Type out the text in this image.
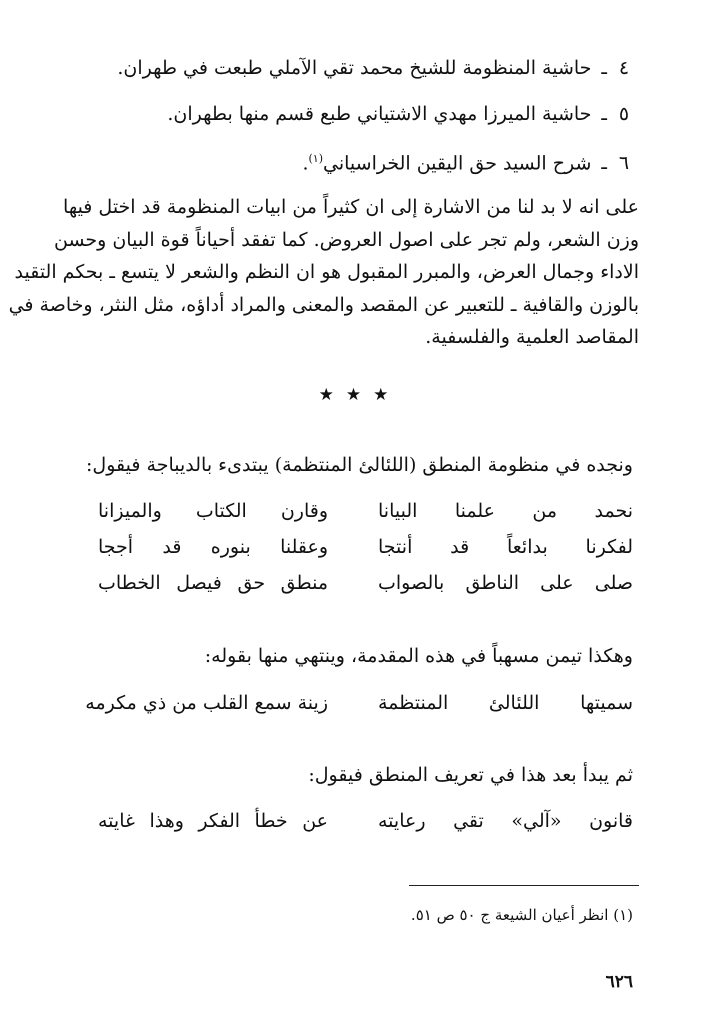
٤ـحاشية المنظومة للشيخ محمد تقي الآملي طبعت في طهران.
٥ـحاشية الميرزا مهدي الاشتياني طبع قسم منها بطهران.
٦ـشرح السيد حق اليقين الخراسياني$^{(١)}$.
على انه لا بد لنا من الاشارة إلى ان كثيراً من ابيات المنظومة قد اختل فيها
وزن الشعر، ولم تجر على اصول العروض. كما تفقد أحياناً قوة البيان وحسن
الاداء وجمال العرض، والمبرر المقبول هو ان النظم والشعر لا يتسع ـ بحكم التقيد
بالوزن والقافية ـ للتعبير عن المقصد والمعنى والمراد أداؤه، مثل النثر، وخاصة في
المقاصد العلمية والفلسفية.
★★★
ونجده في منظومة المنطق (اللئالئ المنتظمة) يبتدىء بالديباجة فيقول:
نحمد من علمنا البيانا
وقارن الكتاب والميزانا
لفكرنا بدائعاً قد أنتجا
وعقلنا بنوره قد أججا
صلى على الناطق بالصواب
منطق حق فيصل الخطاب
وهكذا تيمن مسهباً في هذه المقدمة، وينتهي منها بقوله:
سميتها اللئالئ المنتظمة
زينة سمع القلب من ذي مكرمه
ثم يبدأ بعد هذا في تعريف المنطق فيقول:
قانون «آلي» تقي رعايته
عن خطأ الفكر وهذا غايته
(١) انظر أعيان الشيعة ج ٥٠ ص ٥١.
٦٢٦
